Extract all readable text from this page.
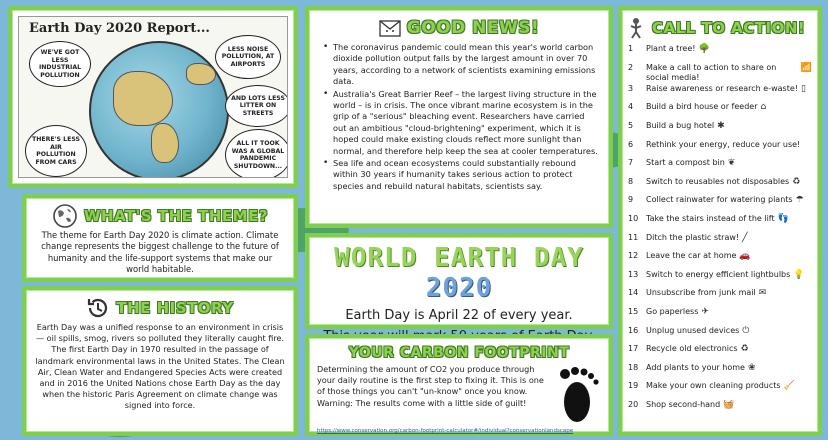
Earth Day 2020 Report...
WE'VE GOT LESS INDUSTRIAL POLLUTION
LESS NOISE POLLUTION, AT AIRPORTS
AND LOTS LESS LITTER ON STREETS
THERE'S LESS AIR POLLUTION FROM CARS
ALL IT TOOK WAS A GLOBAL PANDEMIC SHUTDOWN...
GOOD NEWS!
• The coronavirus pandemic could mean this year's world carbon dioxide pollution output falls by the largest amount in over 70 years, according to a network of scientists examining emissions data.
• Australia's Great Barrier Reef – the largest living structure in the world – is in crisis. The once vibrant marine ecosystem is in the grip of a "serious" bleaching event. Researchers have carried out an ambitious "cloud-brightening" experiment, which it is hoped could make existing clouds reflect more sunlight than normal, and therefore help keep the sea at cooler temperatures.
• Sea life and ocean ecosystems could substantially rebound within 30 years if humanity takes serious action to protect species and rebuild natural habitats, scientists say.
WHAT'S THE THEME?
The theme for Earth Day 2020 is climate action. Climate change represents the biggest challenge to the future of humanity and the life-support systems that make our world habitable.
THE HISTORY
Earth Day was a unified response to an environment in crisis — oil spills, smog, rivers so polluted they literally caught fire. The first Earth Day in 1970 resulted in the passage of landmark environmental laws in the United States. The Clean Air, Clean Water and Endangered Species Acts were created and in 2016 the United Nations chose Earth Day as the day when the historic Paris Agreement on climate change was signed into force.
WORLD EARTH DAY 2020
Earth Day is April 22 of every year.
YOUR CARBON FOOTPRINT
Determining the amount of CO2 you produce through your daily routine is the first step to fixing it. This is one of those things you can't "un-know" once you know. Warning: The results come with a little side of guilt!
https://www.conservation.org/carbon-footprint-calculator#/individual?conservationlandscape
CALL TO ACTION!
1	Plant a tree! 🌳
2	Make a call to action to share on social media!
📶
3	Raise awareness or research e-waste! ▯
4	Build a bird house or feeder ⌂
5	Build a bug hotel ✱
6	Rethink your energy, reduce your use!
7	Start a compost bin ❦
8	Switch to reusables not disposables ♻
9	Collect rainwater for watering plants ☂
10 Take the stairs instead of the lift 👣
11 Ditch the plastic straw! ╱
12 Leave the car at home 🚗
13 Switch to energy efficient lightbulbs 💡
14 Unsubscribe from junk mail ✉
15 Go paperless ✈
16 Unplug unused devices ⏻
17 Recycle old electronics ♻
18 Add plants to your home ❀
19 Make your own cleaning products 🧹
20 Shop second-hand 🧺
